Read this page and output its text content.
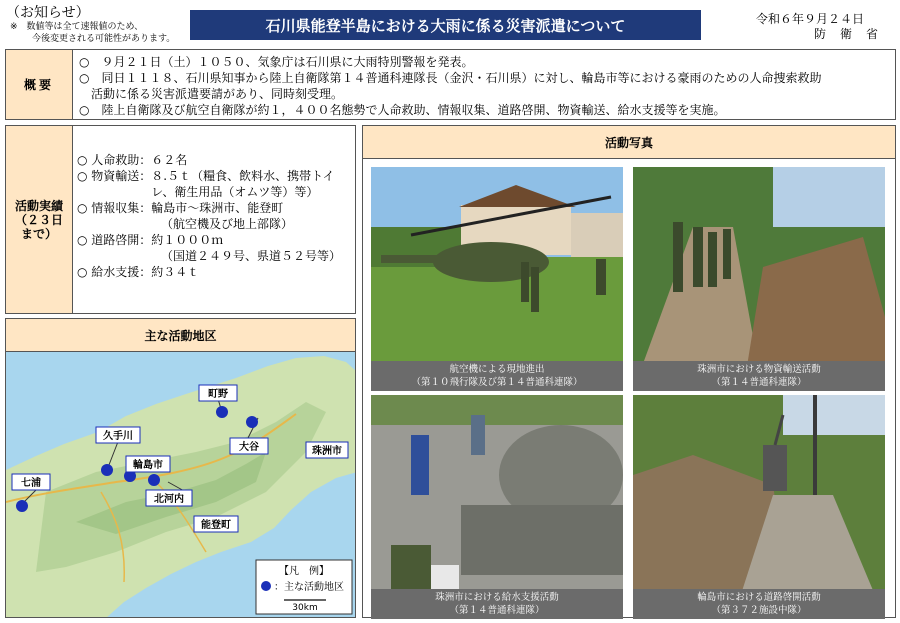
（お知らせ）
※　数値等は全て速報値のため、
今後変更される可能性があります。
石川県能登半島における大雨に係る災害派遣について	令和６年９月２４日
防衛省
概要

○　９月２１日（土）１０５０、気象庁は石川県に大雨特別警報を発表。

○　同日１１１８、石川県知事から陸上自衛隊第１４普通科連隊長（金沢・石川県）に対し、輪島市等における豪雨のための人命捜索救助

　活動に係る災害派遣要請があり、同時刻受理。

○　陸上自衛隊及び航空自衛隊が約１，４００名態勢で人命救助、情報収集、道路啓開、物資輸送、給水支援等を実施。

活動実績
（２３日
まで）
○ 人命救助： ６２名
○ 物資輸送： ８.５ｔ（糧食、飲料水、携帯トイレ、衛生用品（オムツ等）等）
○ 情報収集： 輪島市～珠洲市、能登町
（航空機及び地上部隊）
○ 道路啓開： 約１０００ｍ
（国道２４９号、県道５２号等）
○ 給水支援： 約３４ｔ
主な活動地区
町野
久手川
輪島市
大谷	珠洲市
七浦
北河内
能登町
【凡　例】
：主な活動地区
30km
活動写真
航空機による現地進出
（第１０飛行隊及び第１４普通科連隊）
珠洲市における物資輸送活動
（第１４普通科連隊）
珠洲市における給水支援活動
（第１４普通科連隊）
輪島市における道路啓開活動
（第３７２施設中隊）
